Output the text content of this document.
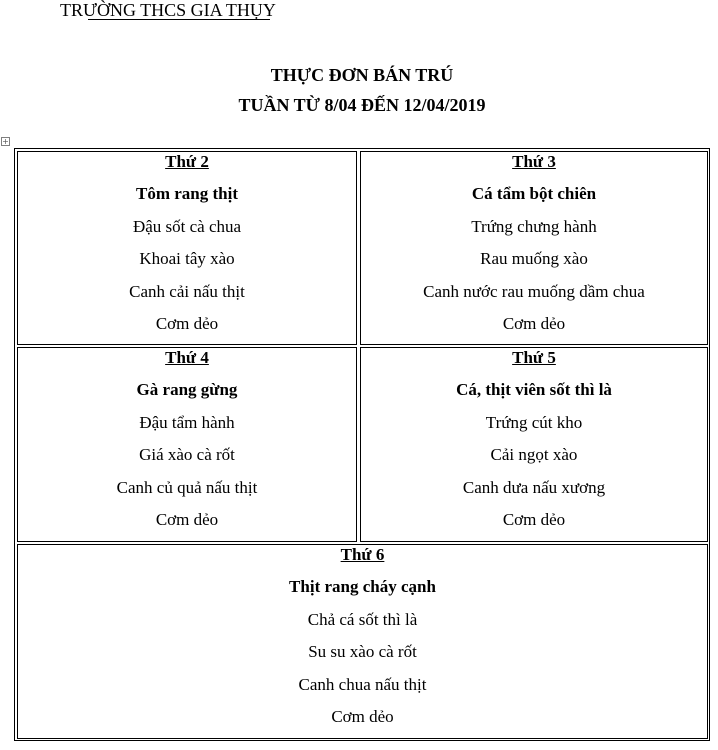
TRƯỜNG THCS GIA THỤY
THỰC ĐƠN BÁN TRÚ
TUẦN TỪ 8/04 ĐẾN 12/04/2019
+
Thứ 2
Tôm rang thịt
Đậu sốt cà chua
Khoai tây xào
Canh cải nấu thịt
Cơm dẻo
Thứ 3
Cá tẩm bột chiên
Trứng chưng hành
Rau muống xào
Canh nước rau muống dầm chua
Cơm dẻo
Thứ 4
Gà rang gừng
Đậu tẩm hành
Giá xào cà rốt
Canh củ quả nấu thịt
Cơm dẻo
Thứ 5
Cá, thịt viên sốt thì là
Trứng cút kho
Cải ngọt xào
Canh dưa nấu xương
Cơm dẻo
Thứ 6
Thịt rang cháy cạnh
Chả cá sốt thì là
Su su xào cà rốt
Canh chua nấu thịt
Cơm dẻo
